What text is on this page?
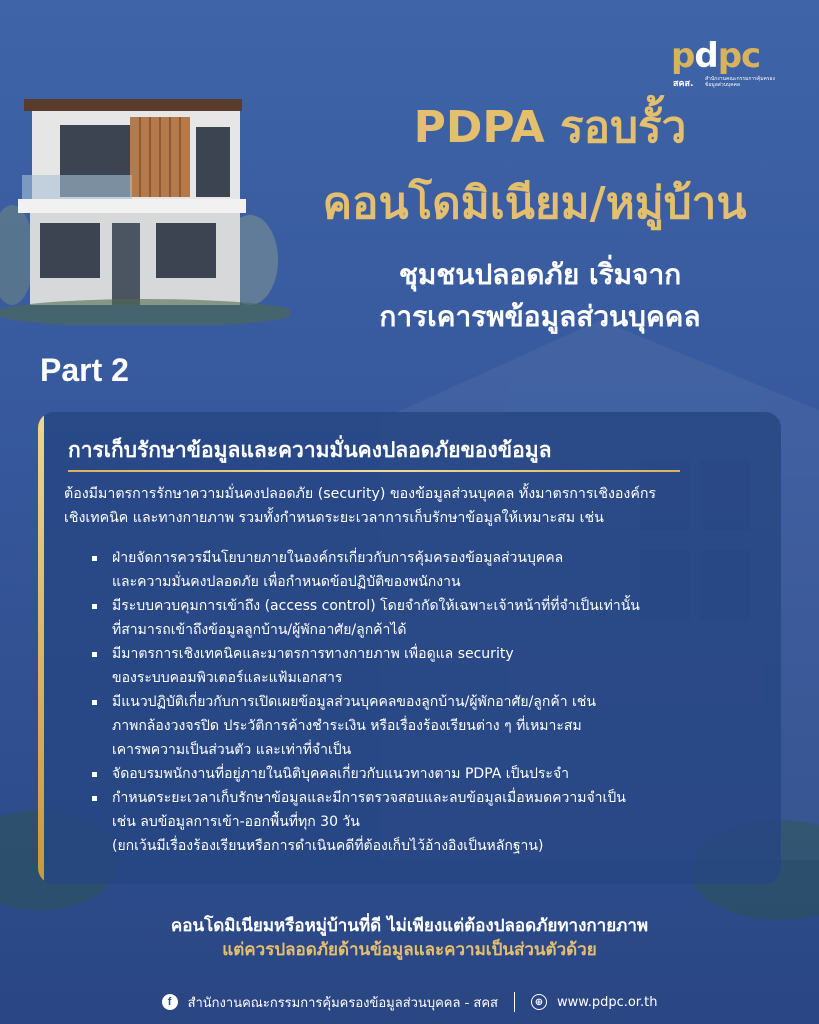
pdpc
สคส. สำนักงานคณะกรรมการคุ้มครองข้อมูลส่วนบุคคล
PDPA รอบรั้ว
คอนโดมิเนียม/หมู่บ้าน
ชุมชนปลอดภัย เริ่มจาก
การเคารพข้อมูลส่วนบุคคล
Part 2
การเก็บรักษาข้อมูลและความมั่นคงปลอดภัยของข้อมูล
ต้องมีมาตรการรักษาความมั่นคงปลอดภัย (security) ของข้อมูลส่วนบุคคล ทั้งมาตรการเชิงองค์กร
เชิงเทคนิค และทางกายภาพ รวมทั้งกำหนดระยะเวลาการเก็บรักษาข้อมูลให้เหมาะสม เช่น
ฝ่ายจัดการควรมีนโยบายภายในองค์กรเกี่ยวกับการคุ้มครองข้อมูลส่วนบุคคล
และความมั่นคงปลอดภัย เพื่อกำหนดข้อปฏิบัติของพนักงาน
มีระบบควบคุมการเข้าถึง (access control) โดยจำกัดให้เฉพาะเจ้าหน้าที่ที่จำเป็นเท่านั้น
ที่สามารถเข้าถึงข้อมูลลูกบ้าน/ผู้พักอาศัย/ลูกค้าได้
มีมาตรการเชิงเทคนิคและมาตรการทางกายภาพ เพื่อดูแล security
ของระบบคอมพิวเตอร์และแฟ้มเอกสาร
มีแนวปฏิบัติเกี่ยวกับการเปิดเผยข้อมูลส่วนบุคคลของลูกบ้าน/ผู้พักอาศัย/ลูกค้า เช่น
ภาพกล้องวงจรปิด ประวัติการค้างชำระเงิน หรือเรื่องร้องเรียนต่าง ๆ ที่เหมาะสม
เคารพความเป็นส่วนตัว และเท่าที่จำเป็น
จัดอบรมพนักงานที่อยู่ภายในนิติบุคคลเกี่ยวกับแนวทางตาม PDPA เป็นประจำ
กำหนดระยะเวลาเก็บรักษาข้อมูลและมีการตรวจสอบและลบข้อมูลเมื่อหมดความจำเป็น
เช่น ลบข้อมูลการเข้า-ออกพื้นที่ทุก 30 วัน
(ยกเว้นมีเรื่องร้องเรียนหรือการดำเนินคดีที่ต้องเก็บไว้อ้างอิงเป็นหลักฐาน)
คอนโดมิเนียมหรือหมู่บ้านที่ดี ไม่เพียงแต่ต้องปลอดภัยทางกายภาพ
แต่ควรปลอดภัยด้านข้อมูลและความเป็นส่วนตัวด้วย
f	สำนักงานคณะกรรมการคุ้มครองข้อมูลส่วนบุคคล - สคส	⊕ www.pdpc.or.th
